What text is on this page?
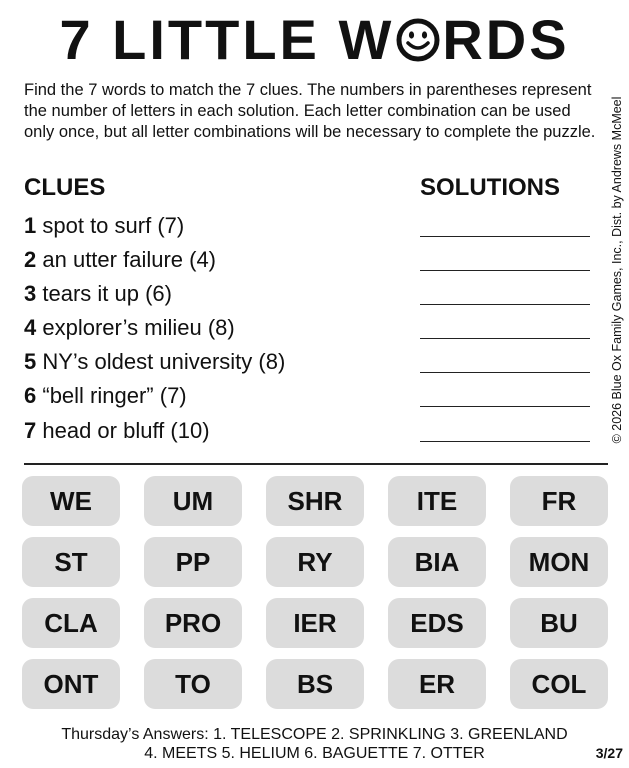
7 LITTLE W RDS
Find the 7 words to match the 7 clues. The numbers in parentheses represent the number of letters in each solution. Each letter combination can be used only once, but all letter combinations will be necessary to complete the puzzle.	© 2026 Blue Ox Family Games, Inc., Dist. by Andrews McMeel
CLUES	SOLUTIONS
1 spot to surf (7)
2 an utter failure (4)
3 tears it up (6)
4 explorer’s milieu (8)
5 NY’s oldest university (8)
6 “bell ringer” (7)
7 head or bluff (10)
WE	UM	SHR	ITE	FR
ST	PP	RY	BIA	MON
CLA	PRO	IER	EDS	BU
ONT	TO	BS	ER	COL
Thursday’s Answers: 1. TELESCOPE 2. SPRINKLING 3. GREENLAND
4. MEETS 5. HELIUM 6. BAGUETTE 7. OTTER	3/27
